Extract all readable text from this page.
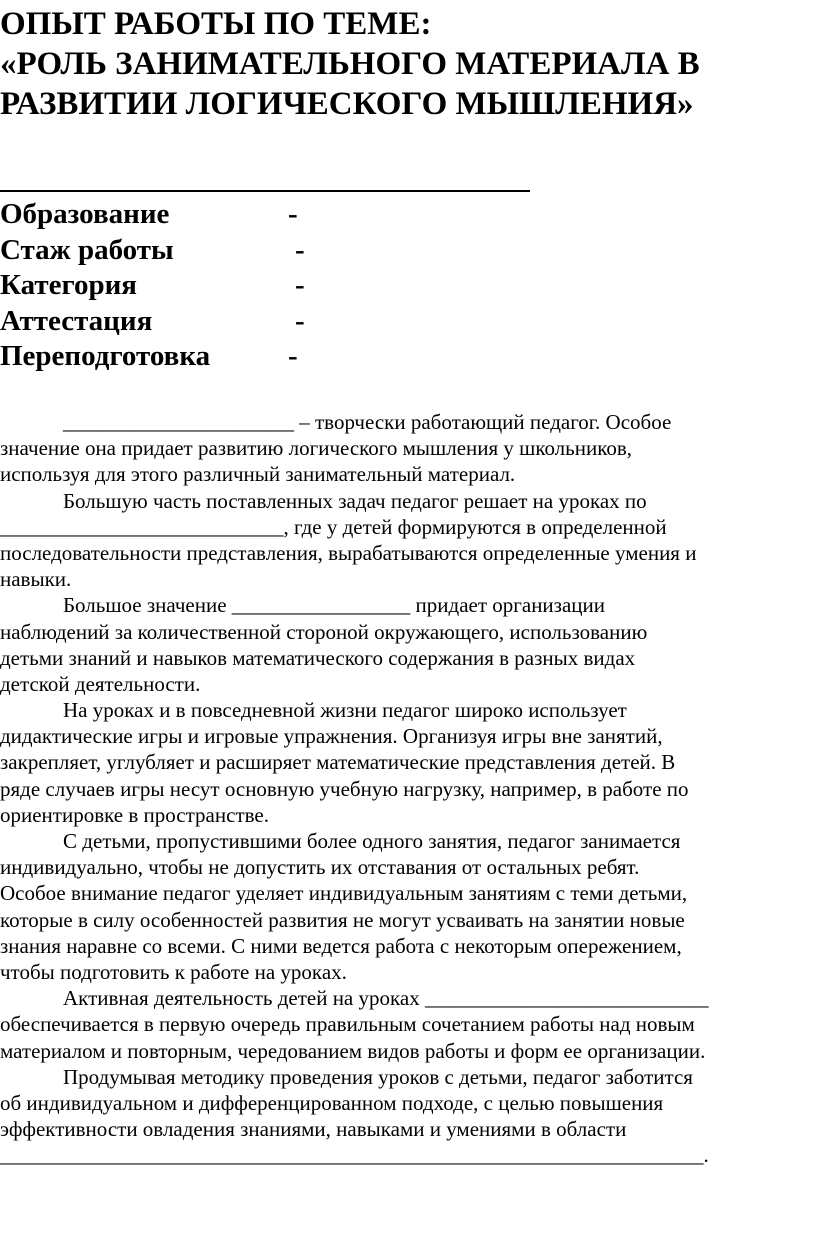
ОПЫТ РАБОТЫ ПО ТЕМЕ:
«РОЛЬ ЗАНИМАТЕЛЬНОГО МАТЕРИАЛА В
РАЗВИТИИ ЛОГИЧЕСКОГО МЫШЛЕНИЯ»
Образование	-
Стаж работы	-
Категория	-
Аттестация	-
Переподготовка	-
______________________ – творчески работающий педагог. Особое
значение она придает развитию логического мышления у школьников,
используя для этого различный занимательный материал.
Большую часть поставленных задач педагог решает на уроках по
___________________________, где у детей формируются в определенной
последовательности представления, вырабатываются определенные умения и
навыки.
Большое значение _________________ придает организации
наблюдений за количественной стороной окружающего, использованию
детьми знаний и навыков математического содержания в разных видах
детской деятельности.
На уроках и в повседневной жизни педагог широко использует
дидактические игры и игровые упражнения. Организуя игры вне занятий,
закрепляет, углубляет и расширяет математические представления детей. В
ряде случаев игры несут основную учебную нагрузку, например, в работе по
ориентировке в пространстве.
С детьми, пропустившими более одного занятия, педагог занимается
индивидуально, чтобы не допустить их отставания от остальных ребят.
Особое внимание педагог уделяет индивидуальным занятиям с теми детьми,
которые в силу особенностей развития не могут усваивать на занятии новые
знания наравне со всеми. С ними ведется работа с некоторым опережением,
чтобы подготовить к работе на уроках.
Активная деятельность детей на уроках ___________________________
обеспечивается в первую очередь правильным сочетанием работы над новым
материалом и повторным, чередованием видов работы и форм ее организации.
Продумывая методику проведения уроков с детьми, педагог заботится
об индивидуальном и дифференцированном подходе, с целью повышения
эффективности овладения знаниями, навыками и умениями в области
___________________________________________________________________.
